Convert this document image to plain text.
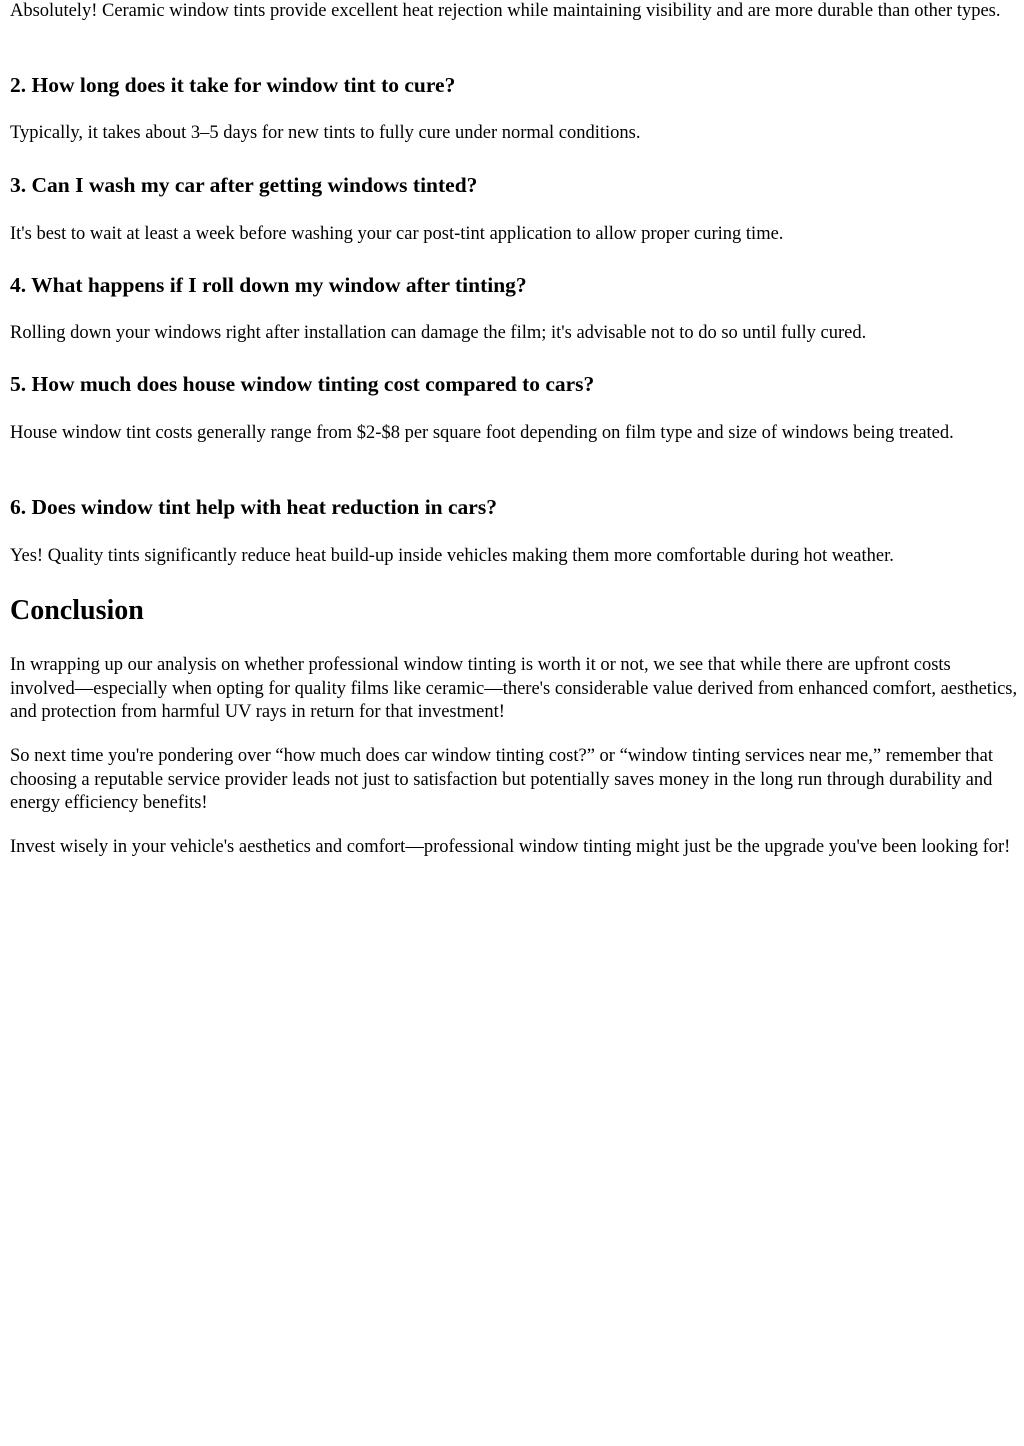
Absolutely! Ceramic window tints provide excellent heat rejection while maintaining visibility and are more durable than other types.

2. How long does it take for window tint to cure?

Typically, it takes about 3–5 days for new tints to fully cure under normal conditions.

3. Can I wash my car after getting windows tinted?

It's best to wait at least a week before washing your car post-tint application to allow proper curing time.

4. What happens if I roll down my window after tinting?

Rolling down your windows right after installation can damage the film; it's advisable not to do so until fully cured.

5. How much does house window tinting cost compared to cars?

House window tint costs generally range from $2-$8 per square foot depending on film type and size of windows being treated.

6. Does window tint help with heat reduction in cars?

Yes! Quality tints significantly reduce heat build-up inside vehicles making them more comfortable during hot weather.

Conclusion

In wrapping up our analysis on whether professional window tinting is worth it or not, we see that while there are upfront costs involved—especially when opting for quality films like ceramic—there's considerable value derived from enhanced comfort, aesthetics, and protection from harmful UV rays in return for that investment!

So next time you're pondering over “how much does car window tinting cost?” or “window tinting services near me,” remember that choosing a reputable service provider leads not just to satisfaction but potentially saves money in the long run through durability and energy efficiency benefits!

Invest wisely in your vehicle's aesthetics and comfort—professional window tinting might just be the upgrade you've been looking for!
